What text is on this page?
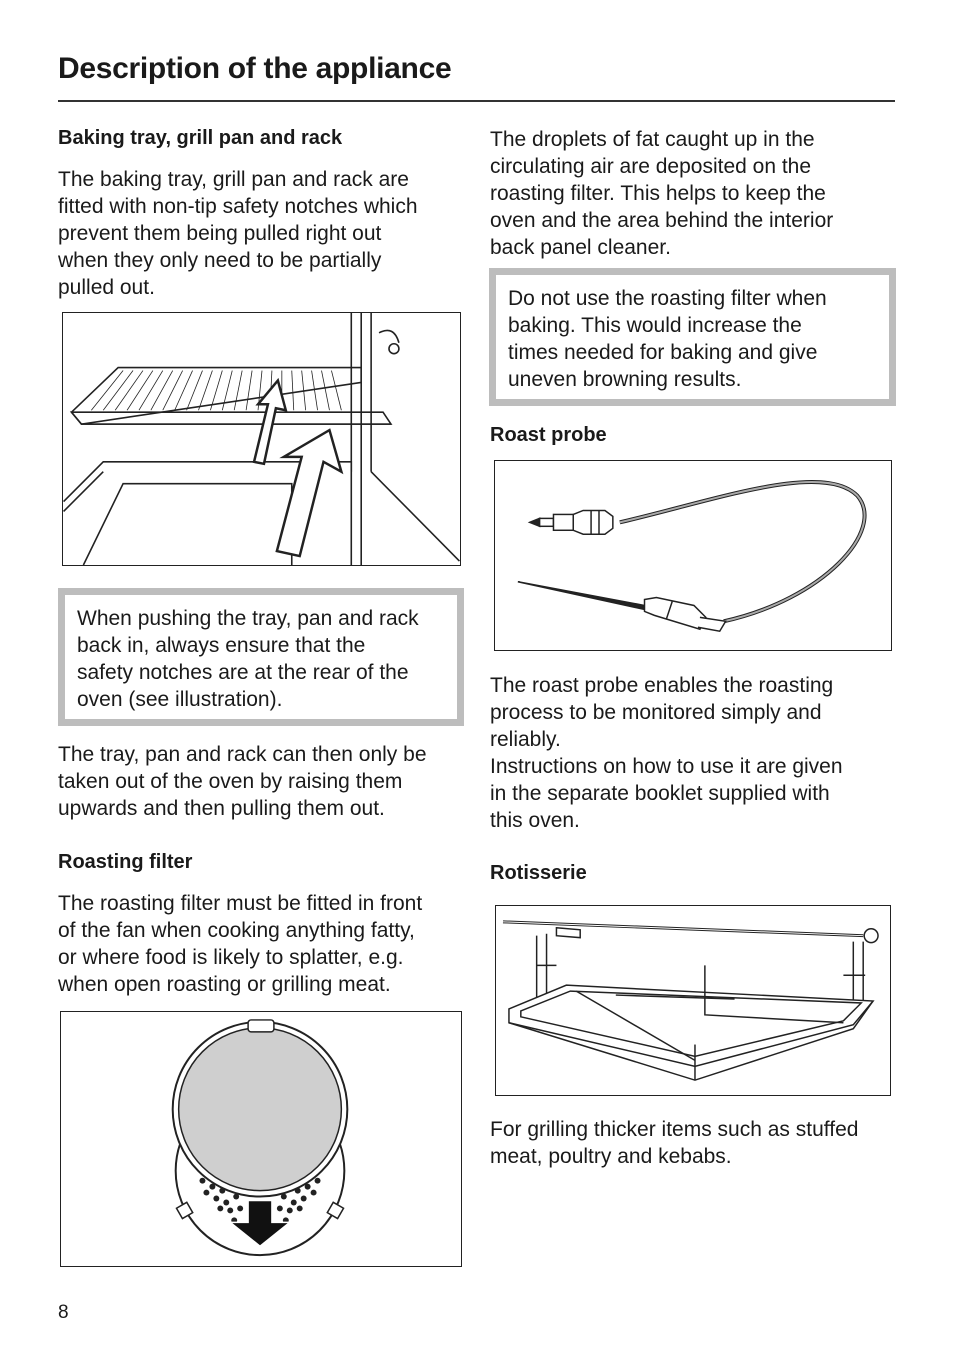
Description of the appliance
Baking tray, grill pan and rack
The baking tray, grill pan and rack are
fitted with non-tip safety notches which
prevent them being pulled right out
when they only need to be partially
pulled out.
When pushing the tray, pan and rack
back in, always ensure that the
safety notches are at the rear of the
oven (see illustration).
The tray, pan and rack can then only be
taken out of the oven by raising them
upwards and then pulling them out.
Roasting filter
The roasting filter must be fitted in front
of the fan when cooking anything fatty,
or where food is likely to splatter, e.g.
when open roasting or grilling meat.
8
The droplets of fat caught up in the
circulating air are deposited on the
roasting filter. This helps to keep the
oven and the area behind the interior
back panel cleaner.
Do not use the roasting filter when
baking. This would increase the
times needed for baking and give
uneven browning results.
Roast probe
The roast probe enables the roasting
process to be monitored simply and
reliably.
Instructions on how to use it are given
in the separate booklet supplied with
this oven.
Rotisserie
For grilling thicker items such as stuffed
meat, poultry and kebabs.
